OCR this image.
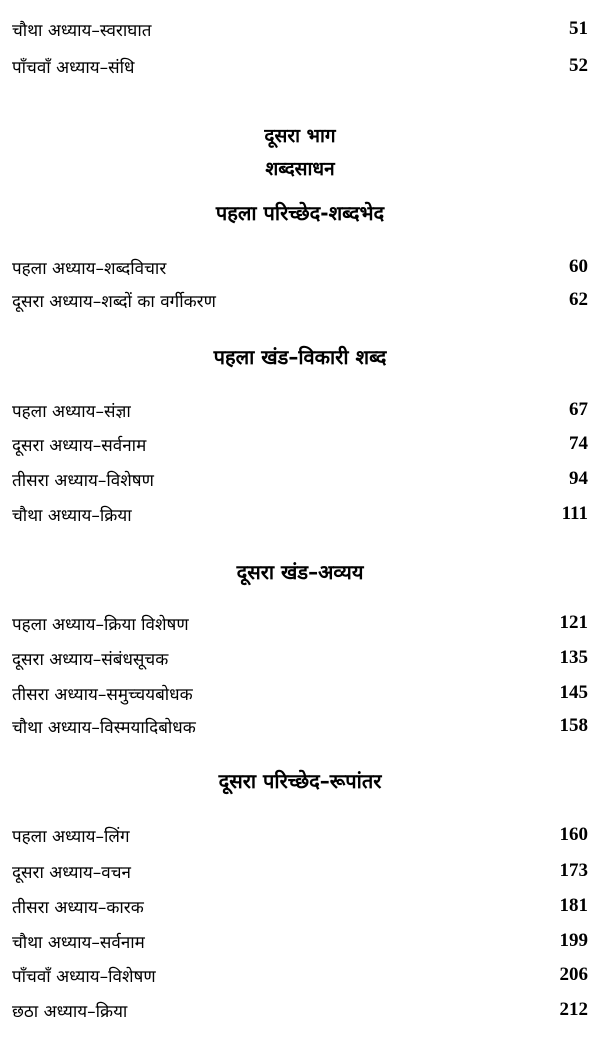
चौथा अध्याय–स्वराघात	51
पाँचवाँ अध्याय–संधि	52
दूसरा भाग
शब्दसाधन
पहला परिच्छेद-शब्दभेद
पहला अध्याय–शब्दविचार	60
दूसरा अध्याय–शब्दों का वर्गीकरण	62
पहला खंड–विकारी शब्द
पहला अध्याय–संज्ञा	67
दूसरा अध्याय–सर्वनाम	74
तीसरा अध्याय–विशेषण	94
चौथा अध्याय–क्रिया	111
दूसरा खंड–अव्यय
पहला अध्याय–क्रिया विशेषण	121
दूसरा अध्याय–संबंधसूचक	135
तीसरा अध्याय–समुच्चयबोधक	145
चौथा अध्याय–विस्मयादिबोधक	158
दूसरा परिच्छेद–रूपांतर
पहला अध्याय–लिंग	160
दूसरा अध्याय–वचन	173
तीसरा अध्याय–कारक	181
चौथा अध्याय–सर्वनाम	199
पाँचवाँ अध्याय–विशेषण	206
छठा अध्याय–क्रिया	212
